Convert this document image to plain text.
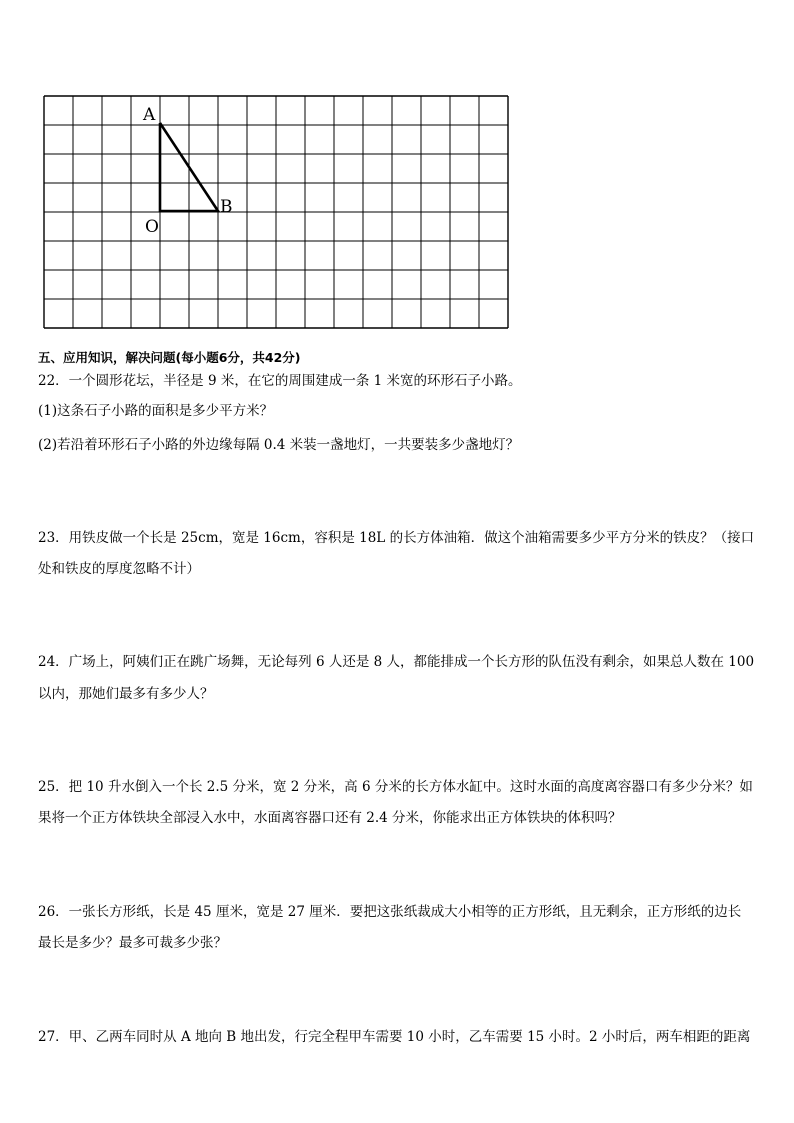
A
B
O
五、应用知识，解决问题(每小题6分，共42分)
22．一个圆形花坛，半径是 9 米，在它的周围建成一条 1 米宽的环形石子小路。
(1)这条石子小路的面积是多少平方米？
(2)若沿着环形石子小路的外边缘每隔 0.4 米装一盏地灯，一共要装多少盏地灯？
23．用铁皮做一个长是 25cm，宽是 16cm，容积是 18L 的长方体油箱．做这个油箱需要多少平方分米的铁皮？（接口
处和铁皮的厚度忽略不计）
24．广场上，阿姨们正在跳广场舞，无论每列 6 人还是 8 人，都能排成一个长方形的队伍没有剩余，如果总人数在 100
以内，那她们最多有多少人？
25．把 10 升水倒入一个长 2.5 分米，宽 2 分米，高 6 分米的长方体水缸中。这时水面的高度离容器口有多少分米？如
果将一个正方体铁块全部浸入水中，水面离容器口还有 2.4 分米，你能求出正方体铁块的体积吗？
26．一张长方形纸，长是 45 厘米，宽是 27 厘米．要把这张纸裁成大小相等的正方形纸，且无剩余，正方形纸的边长
最长是多少？最多可裁多少张？
27．甲、乙两车同时从 A 地向 B 地出发，行完全程甲车需要 10 小时，乙车需要 15 小时。2 小时后，两车相距的距离
